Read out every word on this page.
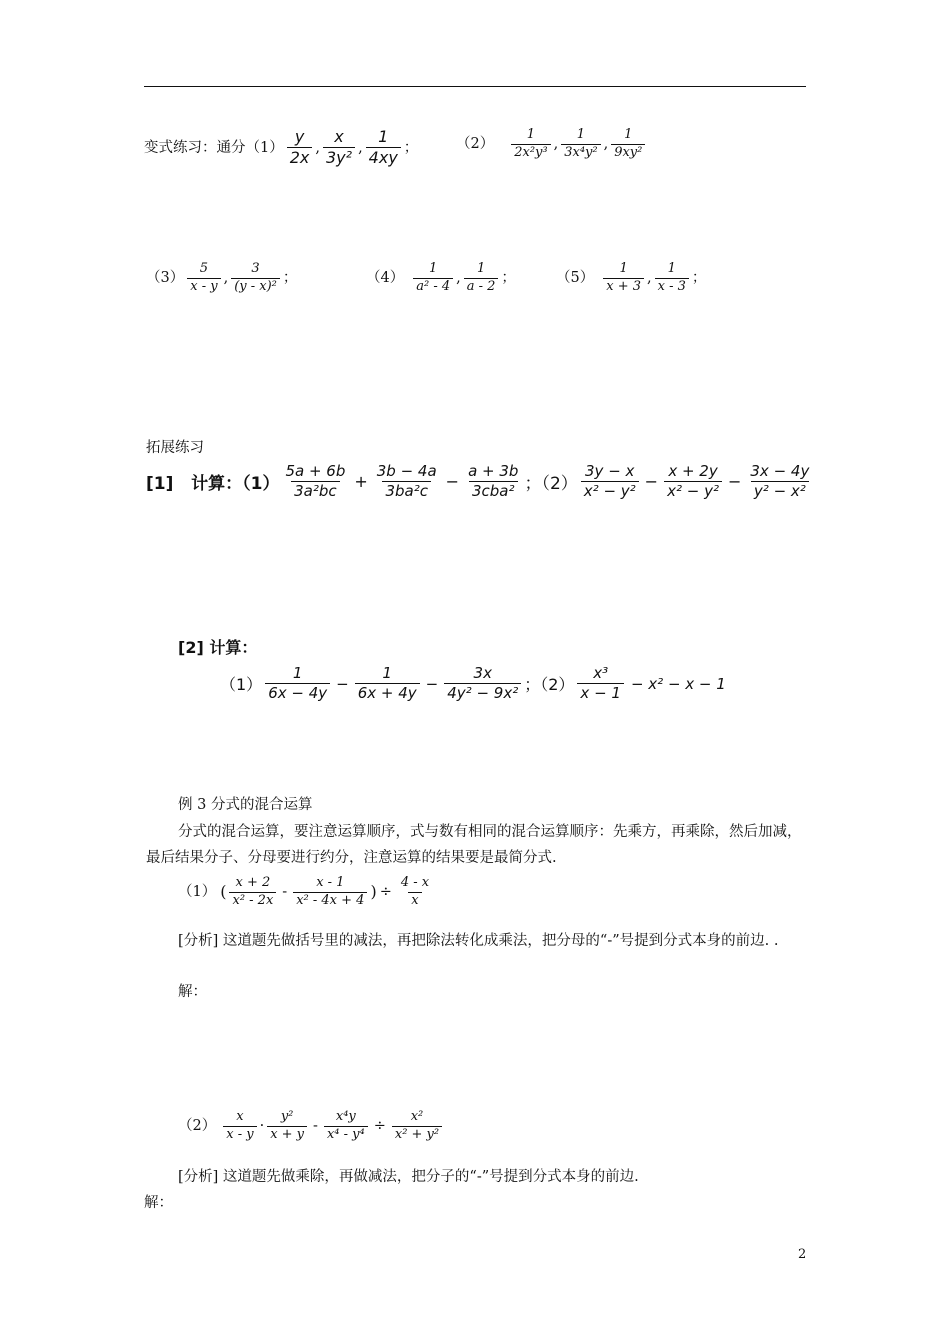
变式练习：通分$(1) \frac{y}{2x}$ , $\frac{x}{\text{3y²}}$ , $\frac{1}{4xy}$ ；	$(2) \frac{1}{\text{2x²y³}}$ , $\frac{1}{\text{3x⁴y²}}$ , $\frac{1}{\text{9xy²}}$
$(3) \frac{5}{x - y}$ , $\frac{3}{\text{(y - x)²}}$ ；	$(4) \frac{1}{\text{a² - 4}}$ , $\frac{1}{a - 2}$ ；	$(5) \frac{1}{x + 3}$ , $\frac{1}{x - 3}$ ；
拓展练习
[1]   计算：$(1) \frac{5a + 6b}{\text{3a²bc}} + \frac{3b - 4a}{\text{3ba²c}} - \frac{a + 3b}{\text{3cba²}}$ ；$(2) \frac{3y - x}{\text{x² − y²}} - \frac{x + 2y}{\text{x² − y²}} - \frac{3x - 4y}{\text{y² − x²}}$
[2] 计算：
$(1) \frac{1}{6x - 4y} - \frac{1}{6x + 4y} - \frac{3x}{\text{4y² − 9x²}}$ ；$(2) \frac{\text{x³}}{x - 1} - x^2 - x - 1$
例 3 分式的混合运算
分式的混合运算，要注意运算顺序，式与数有相同的混合运算顺序：先乘方，再乘除，然后加减，最后结果分子、分母要进行约分，注意运算的结果要是最简分式.
（1） ( $\frac{x + 2}{\text{x² - 2x}} - \frac{x - 1}{\text{x² - 4x + 4}}$ ) ÷ $\frac{4 - x}{x}$
[分析] 这道题先做括号里的减法，再把除法转化成乘法，把分母的“-”号提到分式本身的前边. .
解：
$(2) \frac{x}{x - y} \cdot \frac{\text{y²}}{x + y} - \frac{\text{x⁴y}}{\text{x⁴ - y⁴}} \div \frac{\text{x²}}{\text{x² + y²}}$
[分析] 这道题先做乘除，再做减法，把分子的“-”号提到分式本身的前边.
解：
2
